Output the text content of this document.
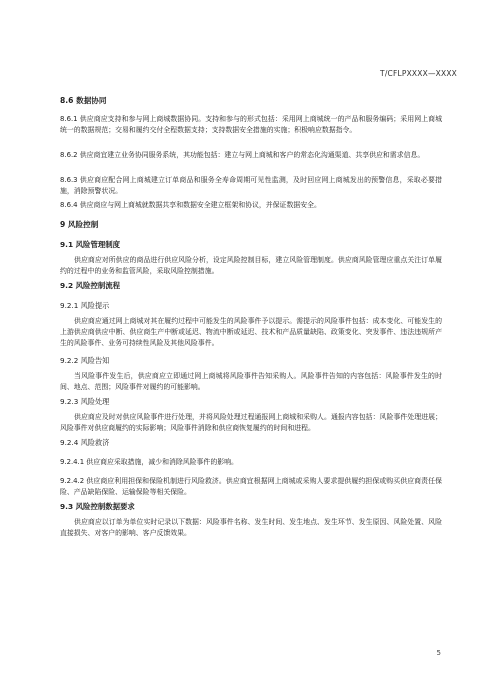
T/CFLPXXXX—XXXX
8.6 数据协同
8.6.1 供应商应支持和参与网上商城数据协同。支持和参与的形式包括：采用网上商城统一的产品和服务编码；采用网上商城统一的数据规范；交易和履约交付全程数据支持；支持数据安全措施的实施；积极响应数据指令。
8.6.2 供应商宜建立业务协同服务系统，其功能包括：建立与网上商城和客户的常态化沟通渠道、共享供应和需求信息。
8.6.3 供应商应配合网上商城建立订单商品和服务全寿命周期可见性监测，及时回应网上商城发出的预警信息，采取必要措施，消除预警状况。
8.6.4 供应商应与网上商城就数据共享和数据安全建立框架和协议，并保证数据安全。
9 风险控制
9.1 风险管理制度
供应商应对所供应的商品进行供应风险分析，设定风险控制目标，建立风险管理制度。供应商风险管理应重点关注订单履约的过程中的业务和监管风险，采取风险控制措施。
9.2 风险控制流程
9.2.1 风险提示
供应商应通过网上商城对其在履约过程中可能发生的风险事件予以提示。需提示的风险事件包括：成本变化、可能发生的上游供应商供应中断、供应商生产中断或延迟、物流中断或延迟、技术和产品质量缺陷、政策变化、突发事件、违法违规所产生的风险事件、业务可持续性风险及其他风险事件。
9.2.2 风险告知
当风险事件发生后，供应商应立即通过网上商城将风险事件告知采购人。风险事件告知的内容包括：风险事件发生的时间、地点、范围；风险事件对履约的可能影响。
9.2.3 风险处理
供应商应及时对供应风险事件进行处理，并将风险处理过程通报网上商城和采购人。通报内容包括：风险事件处理进展；风险事件对供应商履约的实际影响；风险事件消除和供应商恢复履约的时间和进程。
9.2.4 风险救济
9.2.4.1 供应商应采取措施，减少和消除风险事件的影响。
9.2.4.2 供应商应利用担保和保险机制进行风险救济。供应商宜根据网上商城或采购人要求提供履约担保或购买供应商责任保险、产品缺陷保险、运输保险等相关保险。
9.3 风险控制数据要求
供应商应以订单为单位实时记录以下数据：风险事件名称、发生时间、发生地点、发生环节、发生原因、风险处置、风险直接损失、对客户的影响、客户反馈效果。
5
